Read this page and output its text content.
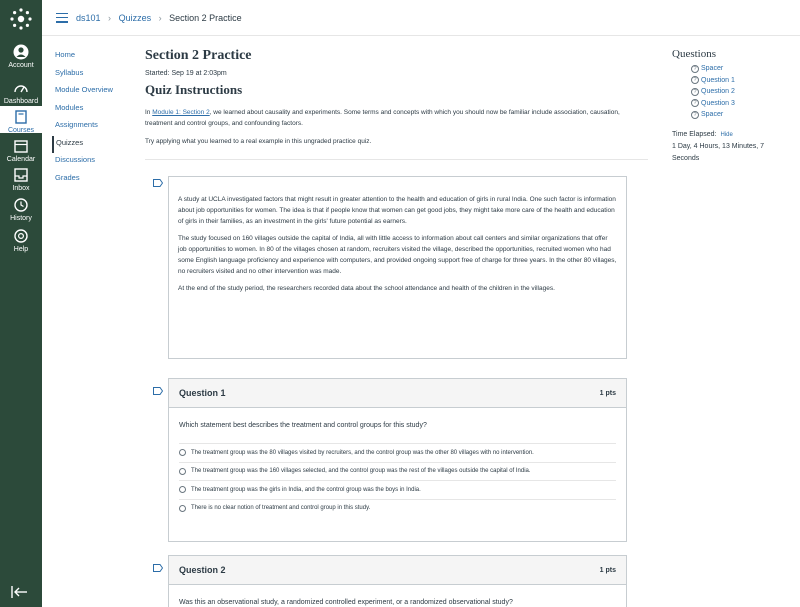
Account
Dashboard
Courses
Calendar
Inbox
History
Help
ds101 › Quizzes › Section 2 Practice
Home
Syllabus
Module Overview
Modules
Assignments
Quizzes
Discussions
Grades
Section 2 Practice
Started: Sep 19 at 2:03pm
Quiz Instructions
In Module 1: Section 2, we learned about causality and experiments. Some terms and concepts with which you should now be familiar include association, causation, treatment and control groups, and confounding factors.
Try applying what you learned to a real example in this ungraded practice quiz.

A study at UCLA investigated factors that might result in greater attention to the health and education of girls in rural India. One such factor is information about job opportunities for women. The idea is that if people know that women can get good jobs, they might take more care of the health and education of girls in their families, as an investment in the girls' future potential as earners.

The study focused on 160 villages outside the capital of India, all with little access to information about call centers and similar organizations that offer job opportunities to women. In 80 of the villages chosen at random, recruiters visited the village, described the opportunities, recruited women who had some English language proficiency and experience with computers, and provided ongoing support free of charge for three years. In the other 80 villages, no recruiters visited and no other intervention was made.

At the end of the study period, the researchers recorded data about the school attendance and health of the children in the villages.

Question 1	1 pts
Which statement best describes the treatment and control groups for this study?
The treatment group was the 80 villages visited by recruiters, and the control group was the other 80 villages with no intervention.
The treatment group was the 160 villages selected, and the control group was the rest of the villages outside the capital of India.
The treatment group was the girls in India, and the control group was the boys in India.
There is no clear notion of treatment and control group in this study.
Question 2	1 pts
Was this an observational study, a randomized controlled experiment, or a randomized observational study?
Questions
? Spacer
? Question 1
? Question 2
? Question 3
? Spacer
Time Elapsed: Hide
1 Day, 4 Hours, 13 Minutes, 7 Seconds
